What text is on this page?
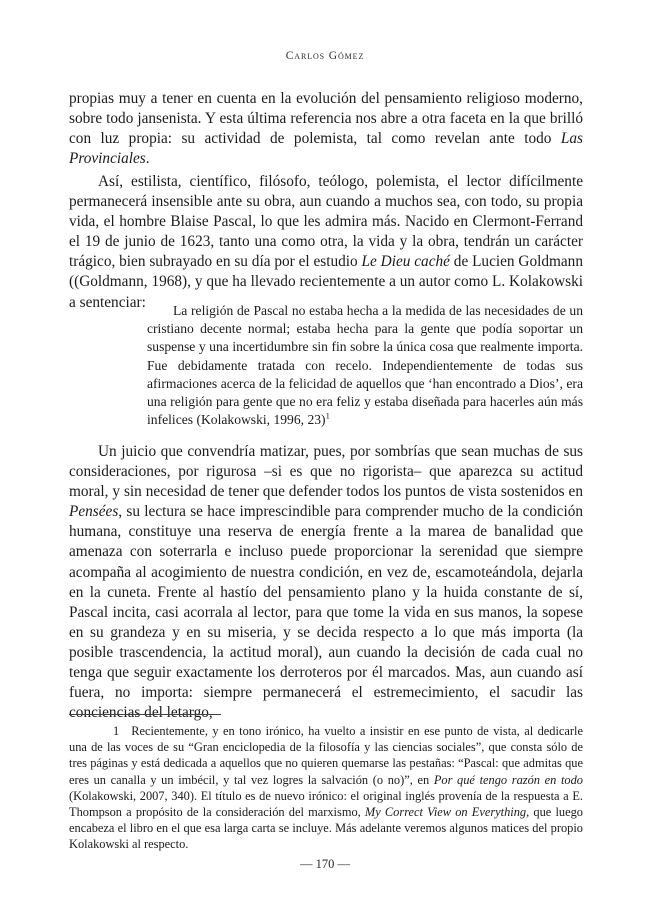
Carlos Gómez

propias muy a tener en cuenta en la evolución del pensamiento religioso moderno, sobre todo jansenista. Y esta última referencia nos abre a otra faceta en la que brilló con luz propia: su actividad de polemista, tal como revelan ante todo Las Provinciales.

Así, estilista, científico, filósofo, teólogo, polemista, el lector difícilmente permanecerá insensible ante su obra, aun cuando a muchos sea, con todo, su propia vida, el hombre Blaise Pascal, lo que les admira más. Nacido en Clermont-Ferrand el 19 de junio de 1623, tanto una como otra, la vida y la obra, tendrán un carácter trágico, bien subrayado en su día por el estudio Le Dieu caché de Lucien Goldmann ((Goldmann, 1968), y que ha llevado recientemente a un autor como L. Kolakowski a sentenciar:	La religión de Pascal no estaba hecha a la medida de las necesidades de un cristiano decente normal; estaba hecha para la gente que podía soportar un suspense y una incertidumbre sin fin sobre la única cosa que realmente importa. Fue debidamente tratada con recelo. Independientemente de todas sus afirmaciones acerca de la felicidad de aquellos que ‘han encontrado a Dios’, era una religión para gente que no era feliz y estaba diseñada para hacerles aún más infelices (Kolakowski, 1996, 23)$^1$

Un juicio que convendría matizar, pues, por sombrías que sean muchas de sus consideraciones, por rigurosa –si es que no rigorista– que aparezca su actitud moral, y sin necesidad de tener que defender todos los puntos de vista sostenidos en Pensées, su lectura se hace imprescindible para comprender mucho de la condición humana, constituye una reserva de energía frente a la marea de banalidad que amenaza con soterrarla e incluso puede proporcionar la serenidad que siempre acompaña al acogimiento de nuestra condición, en vez de, escamoteándola, dejarla en la cuneta. Frente al hastío del pensamiento plano y la huida constante de sí, Pascal incita, casi acorrala al lector, para que tome la vida en sus manos, la sopese en su grandeza y en su miseria, y se decida respecto a lo que más importa (la posible trascendencia, la actitud moral), aun cuando la decisión de cada cual no tenga que seguir exactamente los derroteros por él marcados. Mas, aun cuando así fuera, no importa: siempre permanecerá el estremecimiento, el sacudir las conciencias del letargo,

1 Recientemente, y en tono irónico, ha vuelto a insistir en ese punto de vista, al dedicarle una de las voces de su “Gran enciclopedia de la filosofía y las ciencias sociales”, que consta sólo de tres páginas y está dedicada a aquellos que no quieren quemarse las pestañas: “Pascal: que admitas que eres un canalla y un imbécil, y tal vez logres la salvación (o no)”, en Por qué tengo razón en todo (Kolakowski, 2007, 340). El título es de nuevo irónico: el original inglés provenía de la respuesta a E. Thompson a propósito de la consideración del marxismo, My Correct View on Everything, que luego encabeza el libro en el que esa larga carta se incluye. Más adelante veremos algunos matices del propio Kolakowski al respecto.

— 170 —
